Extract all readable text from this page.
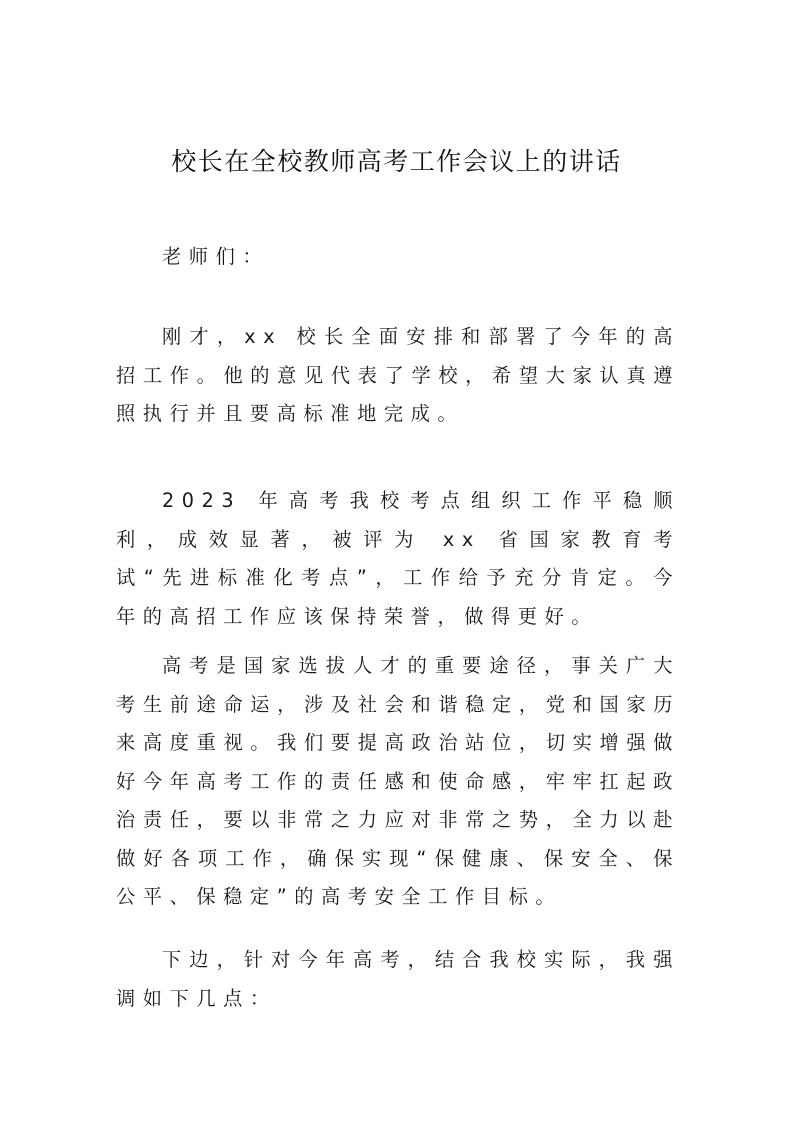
校长在全校教师高考工作会议上的讲话

老师们：

刚才，xx 校长全面安排和部署了今年的高招工作。他的意见代表了学校，希望大家认真遵照执行并且要高标准地完成。

2023 年高考我校考点组织工作平稳顺利，成效显著，被评为 xx 省国家教育考试“先进标准化考点”，工作给予充分肯定。今年的高招工作应该保持荣誉，做得更好。

高考是国家选拔人才的重要途径，事关广大考生前途命运，涉及社会和谐稳定，党和国家历来高度重视。我们要提高政治站位，切实增强做好今年高考工作的责任感和使命感，牢牢扛起政治责任，要以非常之力应对非常之势，全力以赴做好各项工作，确保实现“保健康、保安全、保公平、保稳定”的高考安全工作目标。

下边，针对今年高考，结合我校实际，我强调如下几点：
